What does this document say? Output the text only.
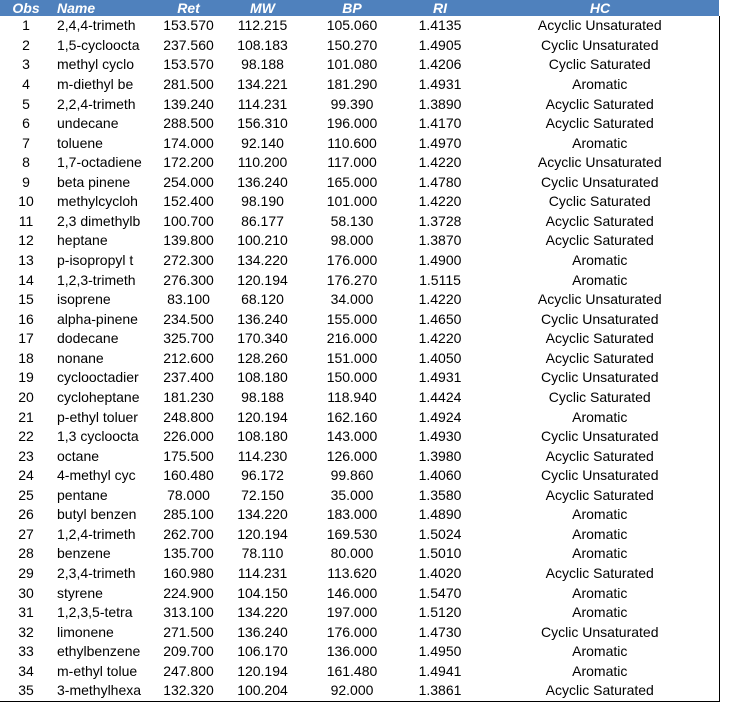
Obs	Name	Ret	MW	BP	RI	HC
1	2,4,4-trimeth	153.570	112.215	105.060	1.4135	Acyclic Unsaturated
2	1,5-cycloocta	237.560	108.183	150.270	1.4905	Cyclic Unsaturated
3	methyl cyclo	153.570	98.188	101.080	1.4206	Cyclic Saturated
4	m-diethyl be	281.500	134.221	181.290	1.4931	Aromatic
5	2,2,4-trimeth	139.240	114.231	99.390	1.3890	Acyclic Saturated
6	undecane	288.500	156.310	196.000	1.4170	Acyclic Saturated
7	toluene	174.000	92.140	110.600	1.4970	Aromatic
8	1,7-octadiene	172.200	110.200	117.000	1.4220	Acyclic Unsaturated
9	beta pinene	254.000	136.240	165.000	1.4780	Cyclic Unsaturated
10	methylcycloh	152.400	98.190	101.000	1.4220	Cyclic Saturated
11	2,3 dimethylb	100.700	86.177	58.130	1.3728	Acyclic Saturated
12	heptane	139.800	100.210	98.000	1.3870	Acyclic Saturated
13	p-isopropyl t	272.300	134.220	176.000	1.4900	Aromatic
14	1,2,3-trimeth	276.300	120.194	176.270	1.5115	Aromatic
15	isoprene	83.100	68.120	34.000	1.4220	Acyclic Unsaturated
16	alpha-pinene	234.500	136.240	155.000	1.4650	Cyclic Unsaturated
17	dodecane	325.700	170.340	216.000	1.4220	Acyclic Saturated
18	nonane	212.600	128.260	151.000	1.4050	Acyclic Saturated
19	cyclooctadier	237.400	108.180	150.000	1.4931	Cyclic Unsaturated
20	cycloheptane	181.230	98.188	118.940	1.4424	Cyclic Saturated
21	p-ethyl toluer	248.800	120.194	162.160	1.4924	Aromatic
22	1,3 cycloocta	226.000	108.180	143.000	1.4930	Cyclic Unsaturated
23	octane	175.500	114.230	126.000	1.3980	Acyclic Saturated
24	4-methyl cyc	160.480	96.172	99.860	1.4060	Cyclic Unsaturated
25	pentane	78.000	72.150	35.000	1.3580	Acyclic Saturated
26	butyl benzen	285.100	134.220	183.000	1.4890	Aromatic
27	1,2,4-trimeth	262.700	120.194	169.530	1.5024	Aromatic
28	benzene	135.700	78.110	80.000	1.5010	Aromatic
29	2,3,4-trimeth	160.980	114.231	113.620	1.4020	Acyclic Saturated
30	styrene	224.900	104.150	146.000	1.5470	Aromatic
31	1,2,3,5-tetra	313.100	134.220	197.000	1.5120	Aromatic
32	limonene	271.500	136.240	176.000	1.4730	Cyclic Unsaturated
33	ethylbenzene	209.700	106.170	136.000	1.4950	Aromatic
34	m-ethyl tolue	247.800	120.194	161.480	1.4941	Aromatic
35	3-methylhexa	132.320	100.204	92.000	1.3861	Acyclic Saturated
